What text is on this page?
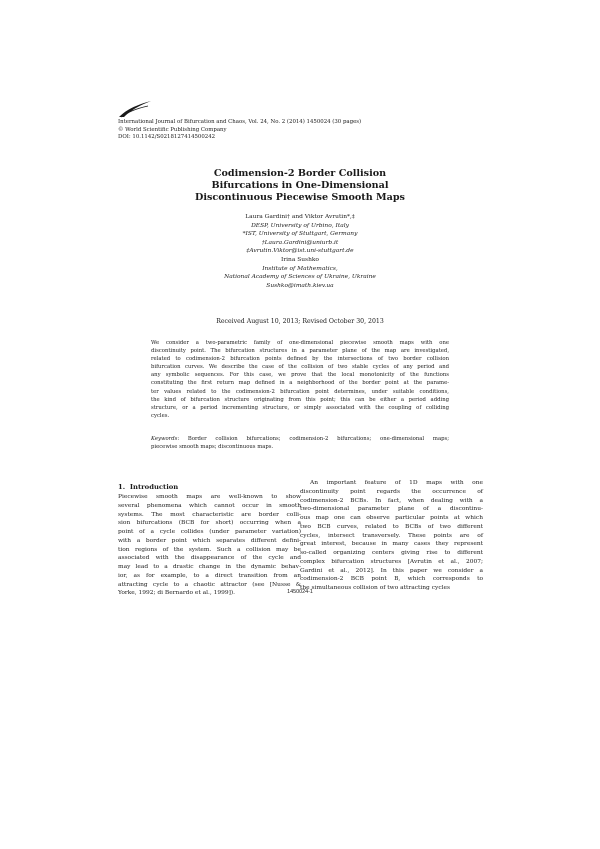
International Journal of Bifurcation and Chaos, Vol. 24, No. 2 (2014) 1450024 (30 pages)
© World Scientific Publishing Company
DOI: 10.1142/S0218127414500242
Codimension-2 Border Collision
Bifurcations in One-Dimensional
Discontinuous Piecewise Smooth Maps
Laura Gardini† and Viktor Avrutin*,‡
DESP, University of Urbino, Italy
*IST, University of Stuttgart, Germany
†Laura.Gardini@uniurb.it
‡Avrutin.Viktor@ist.uni-stuttgart.de
Irina Sushko
Institute of Mathematics,
National Academy of Sciences of Ukraine, Ukraine
Sushko@imath.kiev.ua
Received August 10, 2013; Revised October 30, 2013
We consider a two-parametric family of one-dimensional piecewise smooth maps with one
discontinuity point. The bifurcation structures in a parameter plane of the map are investigated,
related to codimension-2 bifurcation points defined by the intersections of two border collision
bifurcation curves. We describe the case of the collision of two stable cycles of any period and
any symbolic sequences. For this case, we prove that the local monotonicity of the functions
constituting the first return map defined in a neighborhood of the border point at the parame-
ter values related to the codimension-2 bifurcation point determines, under suitable conditions,
the kind of bifurcation structure originating from this point; this can be either a period adding
structure, or a period incrementing structure, or simply associated with the coupling of colliding
cycles.
Keywords: Border collision bifurcations; codimension-2 bifurcations; one-dimensional maps;
piecewise smooth maps; discontinuous maps.
1. Introduction
Piecewise smooth maps are well-known to show
several phenomena which cannot occur in smooth
systems. The most characteristic are border colli-
sion bifurcations (BCB for short) occurring when a
point of a cycle collides (under parameter variation)
with a border point which separates different defini-
tion regions of the system. Such a collision may be
associated with the disappearance of the cycle and
may lead to a drastic change in the dynamic behav-
ior, as for example, to a direct transition from an
attracting cycle to a chaotic attractor (see [Nusse &
Yorke, 1992; di Bernardo et al., 1999]).
An important feature of 1D maps with one
discontinuity point regards the occurrence of
codimension-2 BCBs. In fact, when dealing with a
two-dimensional parameter plane of a discontinu-
ous map one can observe particular points at which
two BCB curves, related to BCBs of two different
cycles, intersect transversely. These points are of
great interest, because in many cases they represent
so-called organizing centers giving rise to different
complex bifurcation structures [Avrutin et al., 2007;
Gardini et al., 2012]. In this paper we consider a
codimension-2 BCB point B, which corresponds to
the simultaneous collision of two attracting cycles
1450024-1
